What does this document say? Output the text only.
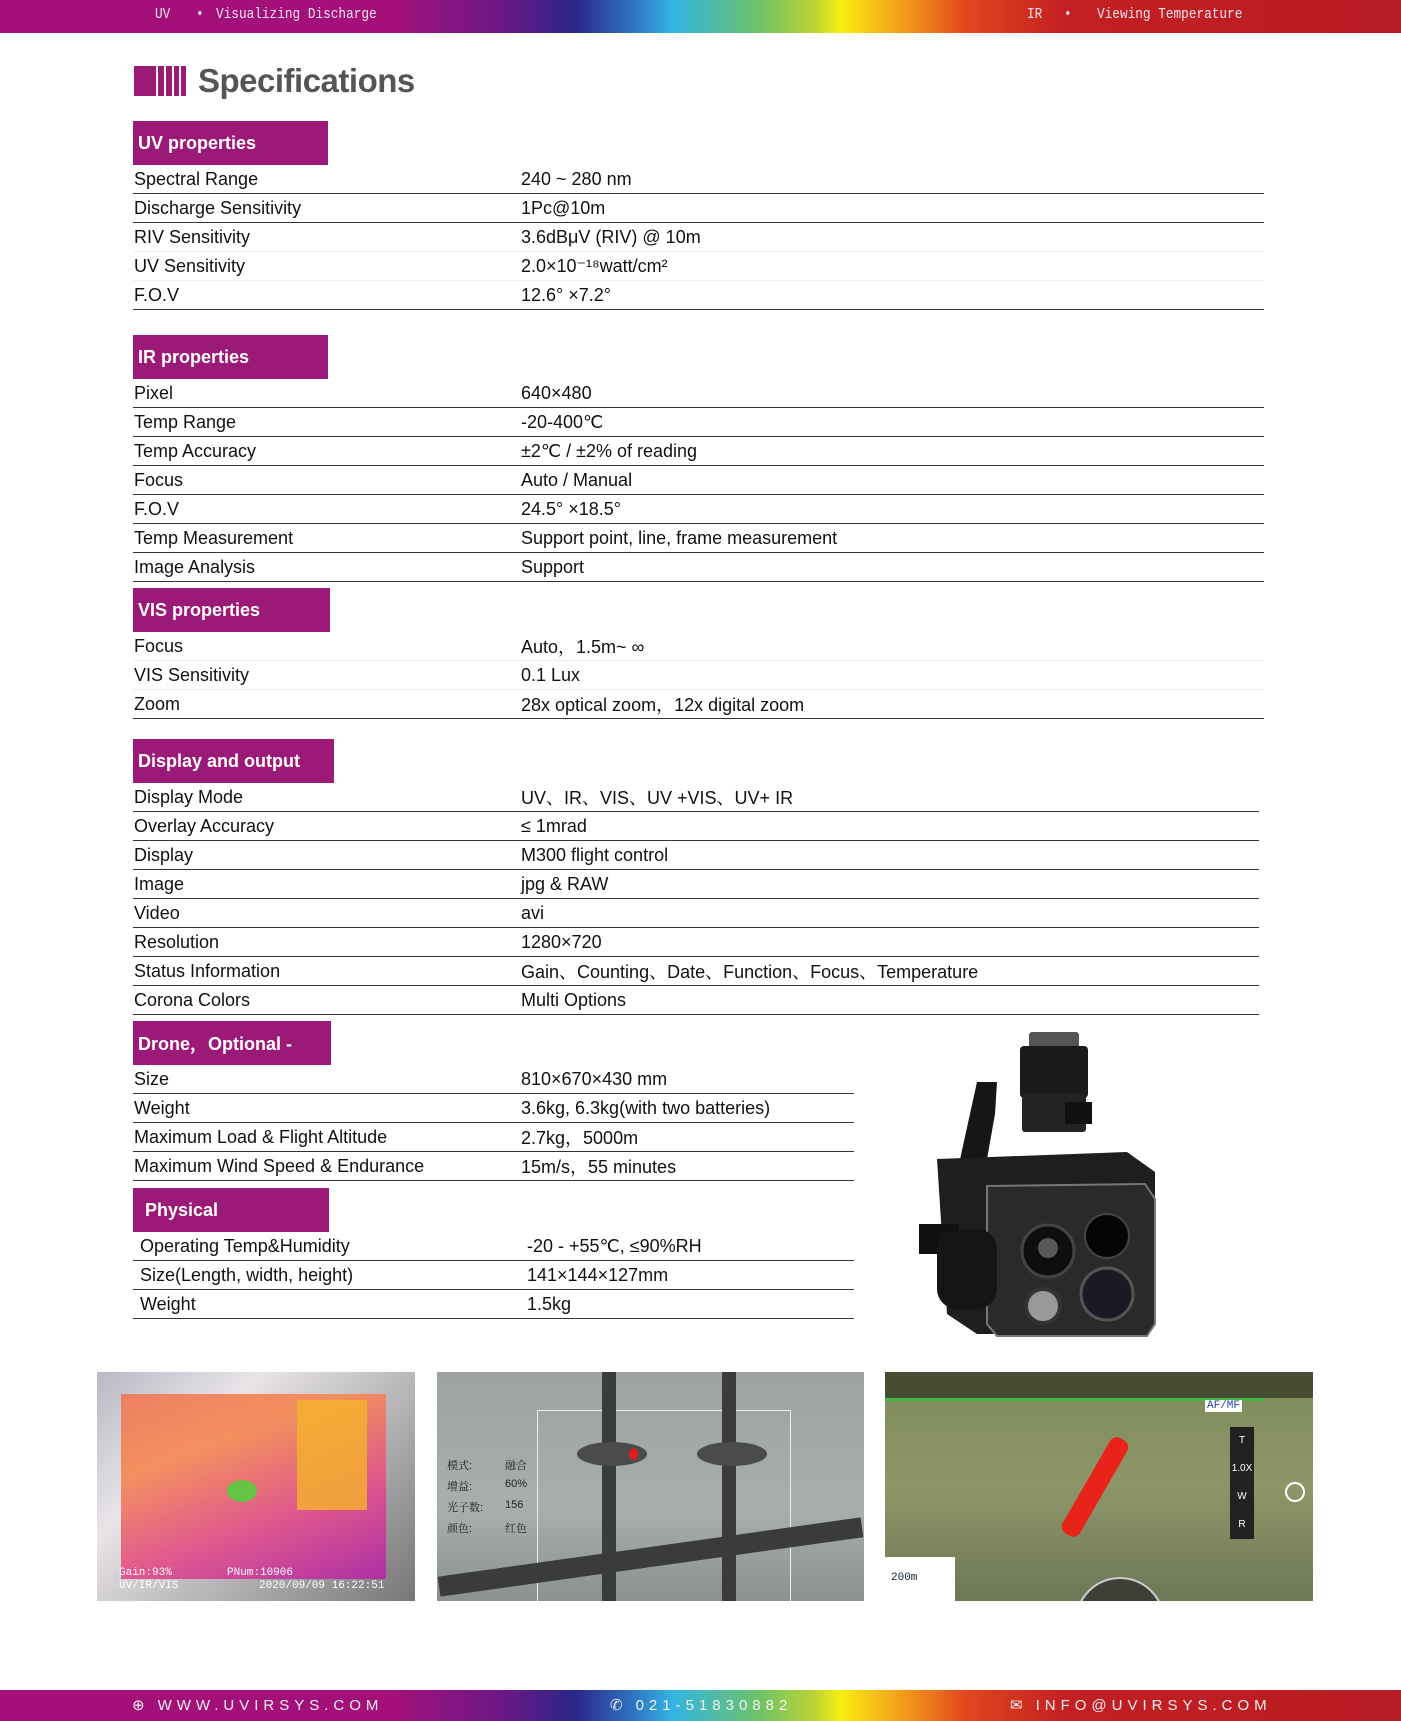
UV • Visualizing Discharge	IR • Viewing Temperature
Specifications
UV properties
Spectral Range	240 ~ 280 nm
Discharge Sensitivity	1Pc@10m
RIV Sensitivity	3.6dBμV (RIV) @ 10m
UV Sensitivity	2.0×10⁻¹⁸watt/cm²
F.O.V	12.6° ×7.2°
IR properties
Pixel	640×480
Temp Range	-20-400℃
Temp Accuracy	±2℃ / ±2% of reading
Focus	Auto / Manual
F.O.V	24.5° ×18.5°
Temp Measurement	Support point, line, frame measurement
Image Analysis	Support
VIS properties
Focus	Auto，1.5m~ ∞
VIS Sensitivity	0.1 Lux
Zoom	28x optical zoom，12x digital zoom
Display and output
Display Mode	UV、IR、VIS、UV +VIS、UV+ IR
Overlay Accuracy	≤ 1mrad
Display	M300 flight control
Image	jpg & RAW
Video	avi
Resolution	1280×720
Status Information	Gain、Counting、Date、Function、Focus、Temperature
Corona Colors	Multi Options
Drone，Optional -
Size	810×670×430 mm
Weight	3.6kg, 6.3kg(with two batteries)
Maximum Load & Flight Altitude	2.7kg，5000m
Maximum Wind Speed & Endurance	15m/s，55 minutes
Physical
Operating Temp&Humidity	-20 - +55℃, ≤90%RH
Size(Length, width, height)	141×144×127mm
Weight	1.5kg
Gain:93%	PNum:10906
UV/IR/VIS	2020/09/09 16:22:51
模式:	融合
增益:	60%
光子数:	156
颜色:	红色
200m
AF/MF
T
1.0X
W
R
⊕ WWW.UVIRSYS.COM	✆ 021-51830882	✉ INFO@UVIRSYS.COM
